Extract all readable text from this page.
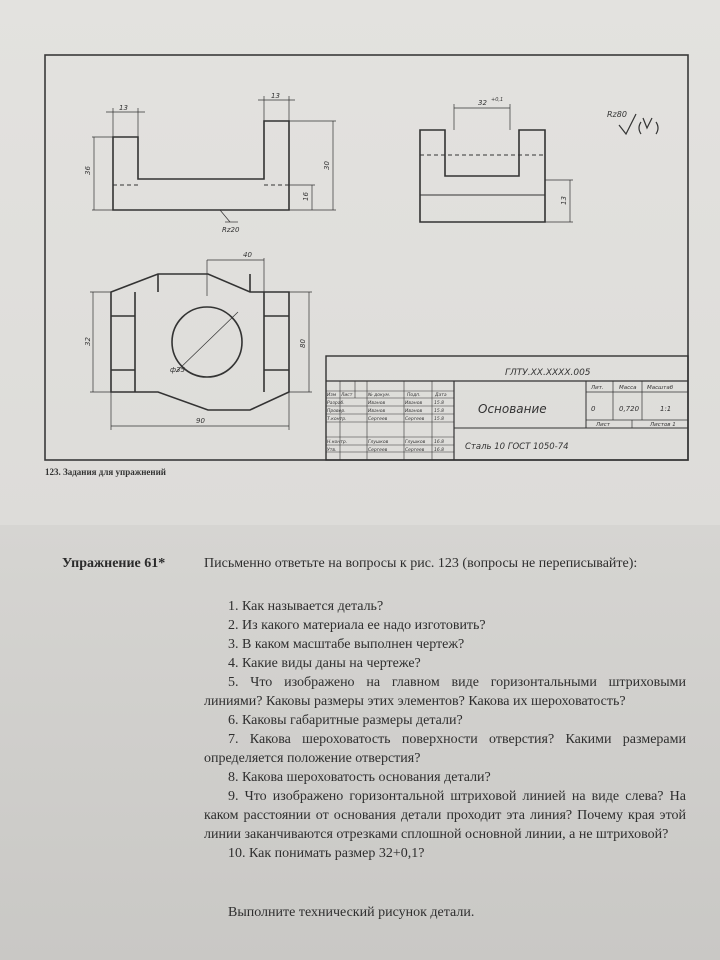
13
13
36
30
16
Rz20
32 +0,1
13
Rz80
40
32	80
ф35
90
ГЛТУ.ХХ.ХХХХ.005
Основание
Сталь 10 ГОСТ 1050-74
Лит.	Масса Масштаб
0	0,720	1:1
Лист	Листов 1
Изм Лист	№ докум.	Подп.	Дата
Разраб.	Иванов	Иванов	15.8
Провер.	Иванов	Иванов	15.8
Т.контр.	Сергеев	Сергеев 15.8
Н.контр.	Глушков	Глушков 16.8
Утв.	Сергеев	Сергеев 16.8
123. Задания для упражнений
Упражнение 61*	Письменно ответьте на вопросы к рис. 123 (вопросы не переписывайте):

1. Как называется деталь?

2. Из какого материала ее надо изготовить?

3. В каком масштабе выполнен чертеж?

4. Какие виды даны на чертеже?

5. Что изображено на главном виде горизонтальными штриховыми линиями? Каковы размеры этих элементов? Какова их шероховатость?

6. Каковы габаритные размеры детали?

7. Какова шероховатость поверхности отверстия? Какими размерами определяется положение отверстия?

8. Какова шероховатость основания детали?

9. Что изображено горизонтальной штриховой линией на виде слева? На каком расстоянии от основания детали проходит эта линия? Почему края этой линии заканчиваются отрезками сплошной основной линии, а не штриховой?

10. Как понимать размер 32+0,1?

Выполните технический рисунок детали.
